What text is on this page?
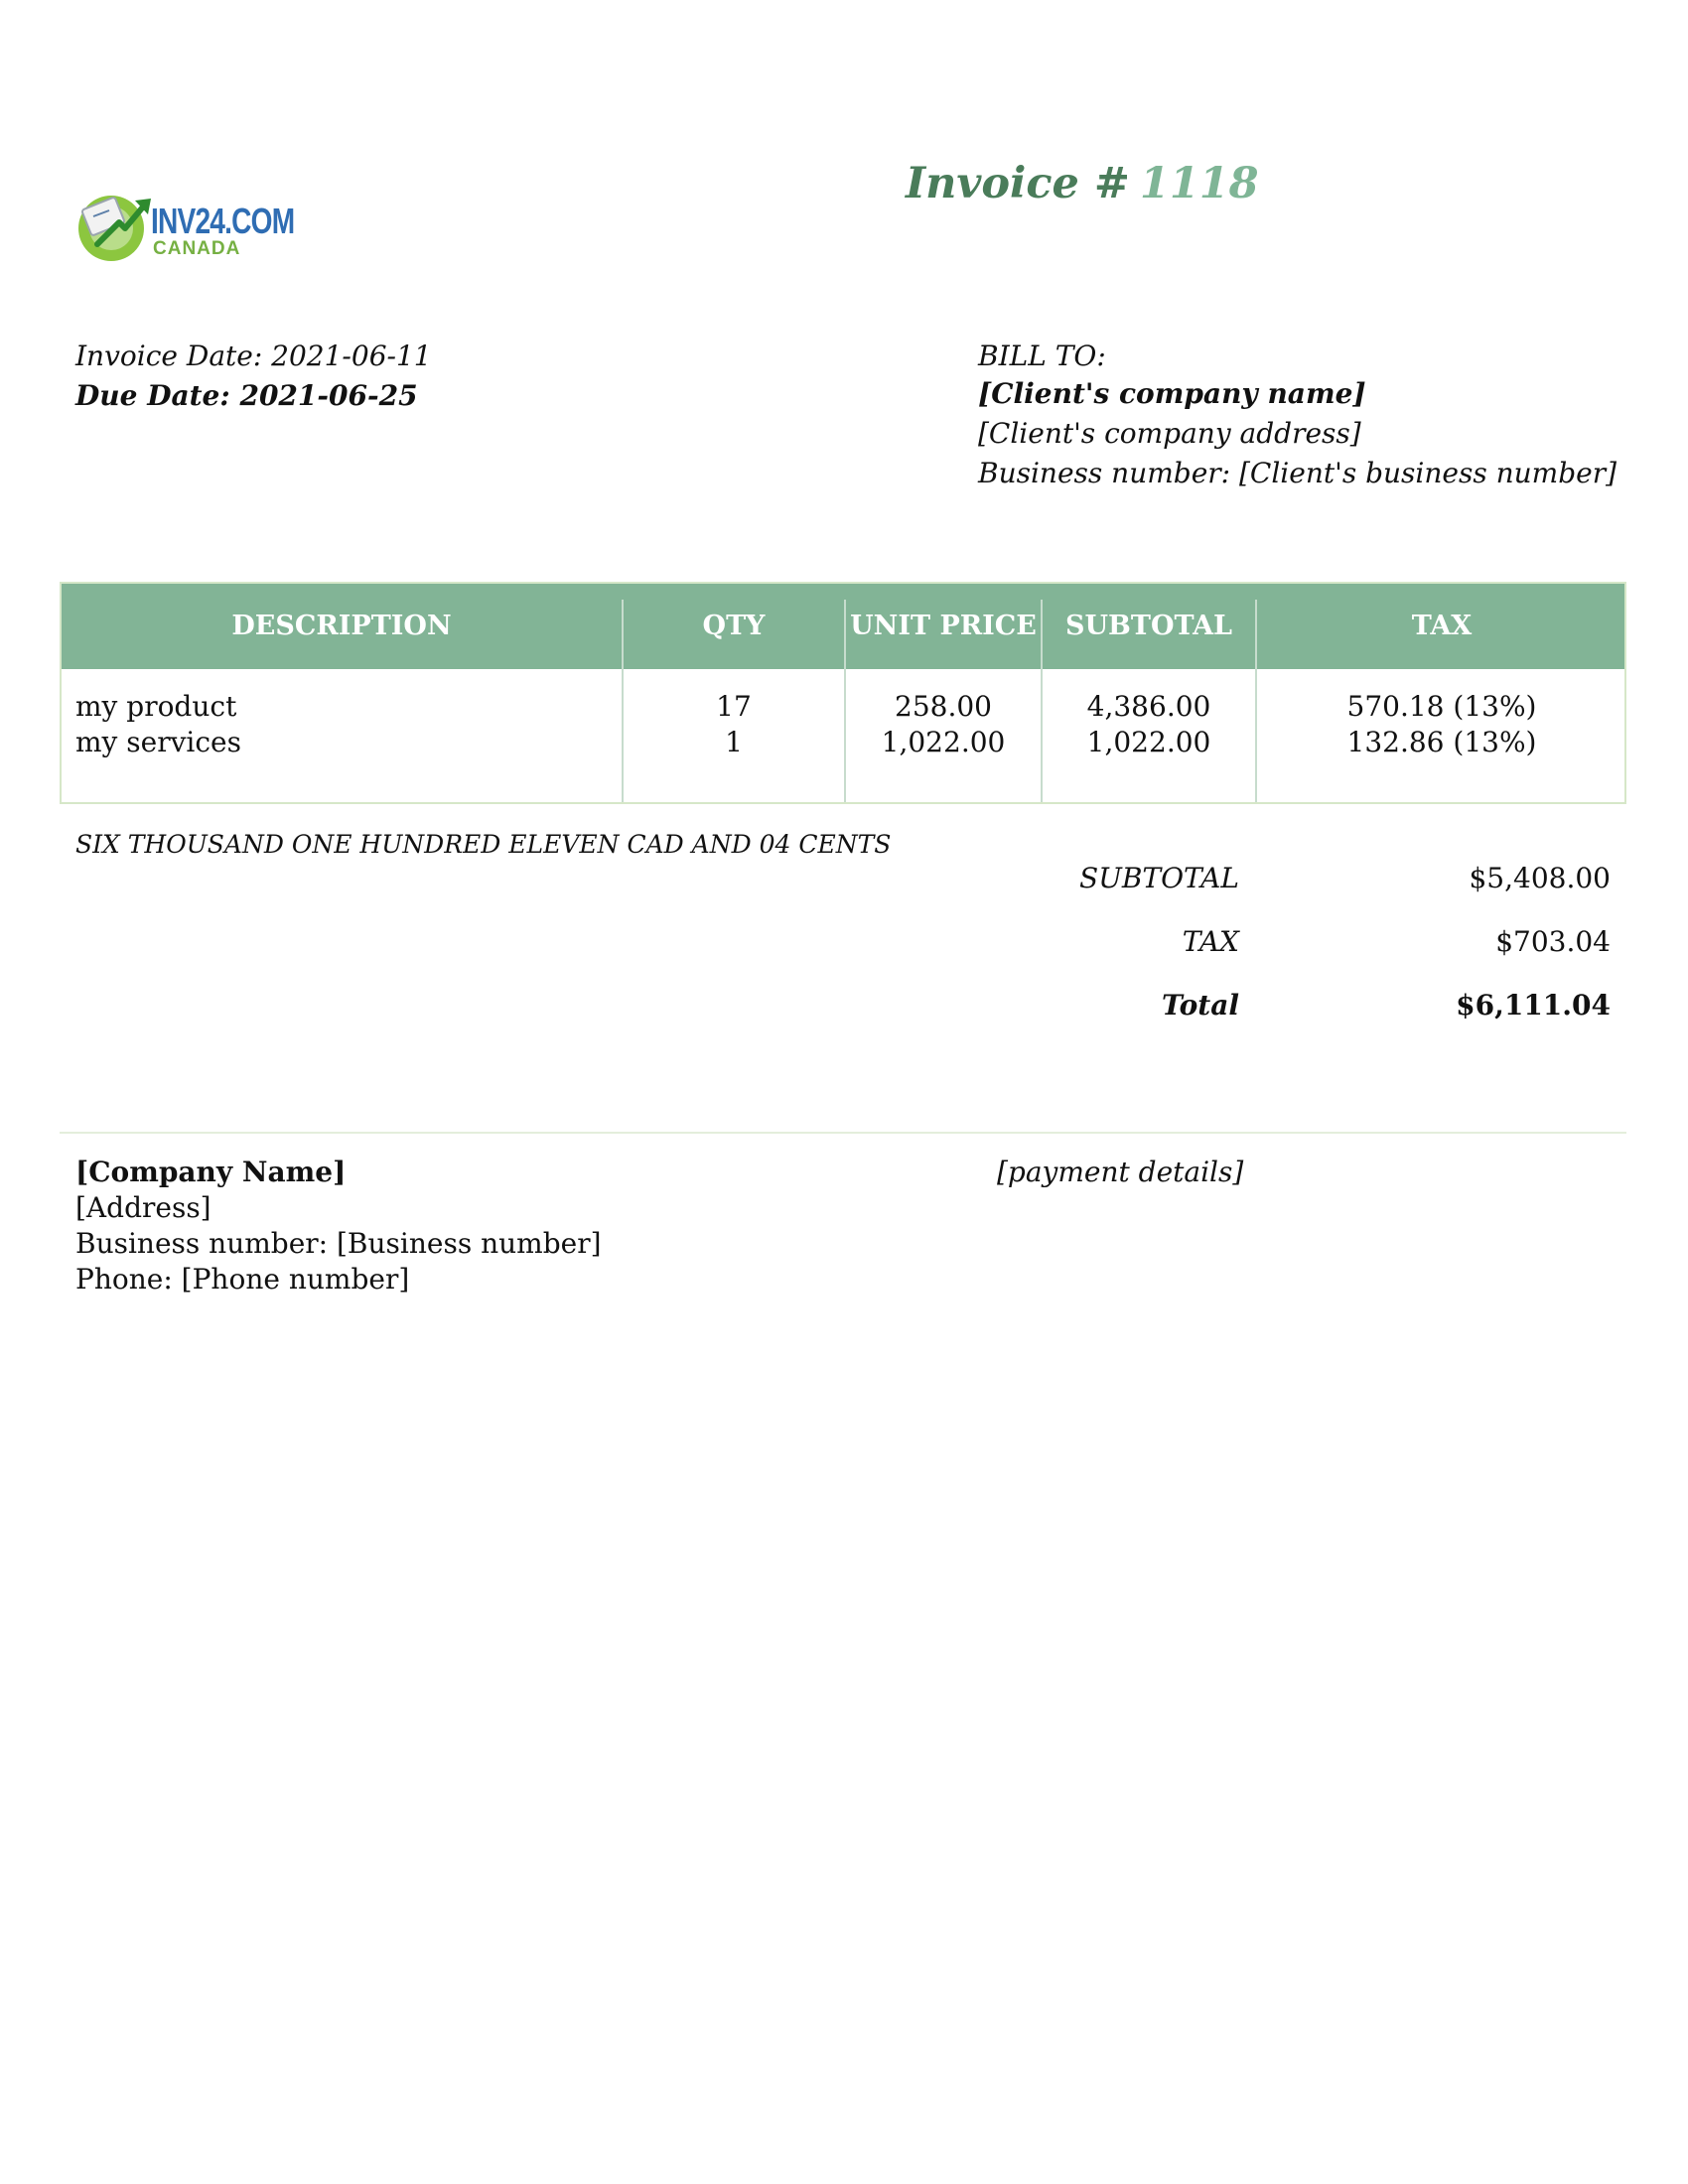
INV24.COM
CANADA
Invoice # 1118
Invoice Date: 2021-06-11
Due Date: 2021-06-25
BILL TO:
[Client's company name]
[Client's company address]
Business number: [Client's business number]
DESCRIPTION	QTY	UNIT PRICE	SUBTOTAL	TAX
my product	17	258.00	4,386.00	570.18 (13%)
my services	1	1,022.00	1,022.00	132.86 (13%)
SIX THOUSAND ONE HUNDRED ELEVEN CAD AND 04 CENTS
SUBTOTAL	$5,408.00
TAX	$703.04
Total	$6,111.04
[Company Name]
[Address]
Business number: [Business number]
Phone: [Phone number]
[payment details]
